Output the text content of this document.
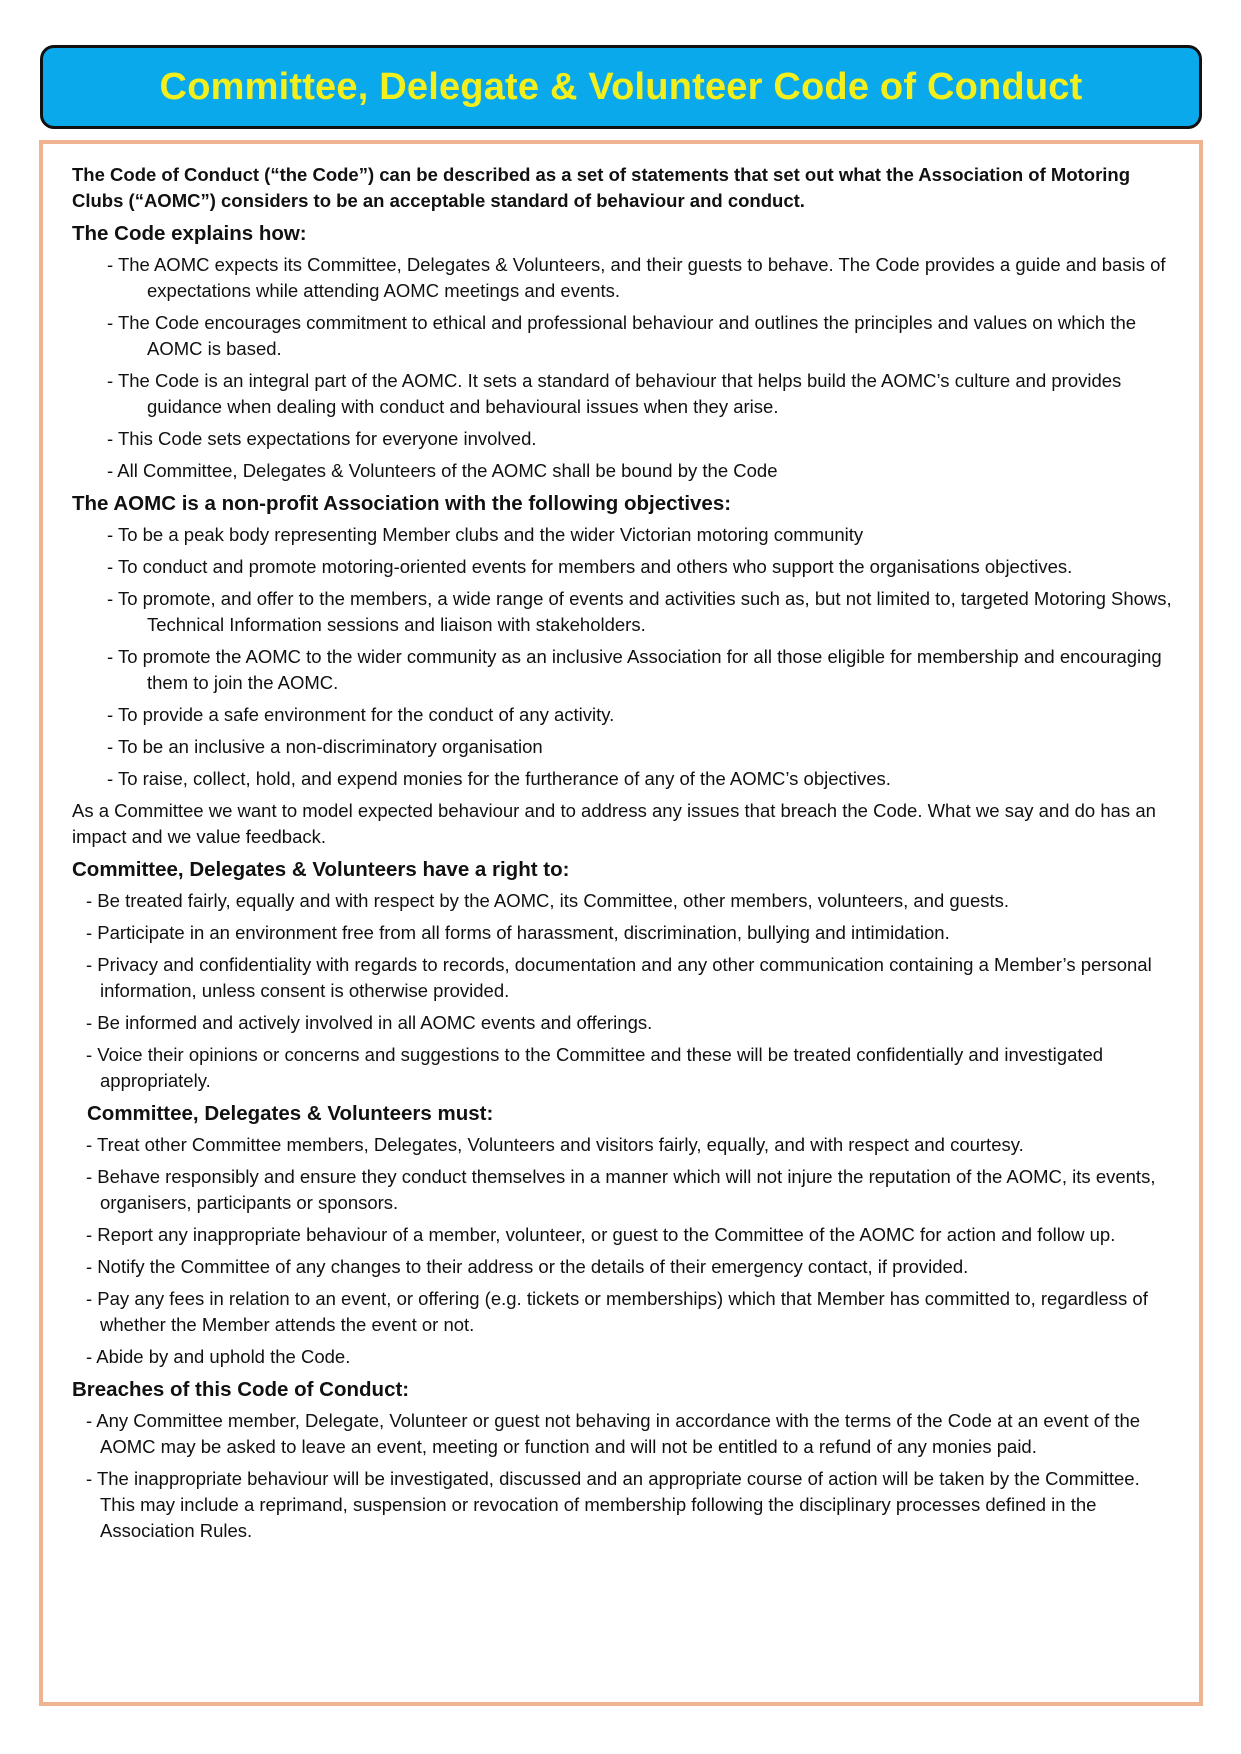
Committee, Delegate & Volunteer Code of Conduct

The Code of Conduct (“the Code”) can be described as a set of statements that set out what the Association of Motoring Clubs (“AOMC”) considers to be an acceptable standard of behaviour and conduct.

The Code explains how:
- The AOMC expects its Committee, Delegates & Volunteers, and their guests to behave. The Code provides a guide and basis of expectations while attending AOMC meetings and events.
- The Code encourages commitment to ethical and professional behaviour and outlines the principles and values on which the AOMC is based.
- The Code is an integral part of the AOMC. It sets a standard of behaviour that helps build the AOMC’s culture and provides guidance when dealing with conduct and behavioural issues when they arise.
- This Code sets expectations for everyone involved.
- All Committee, Delegates & Volunteers of the AOMC shall be bound by the Code
The AOMC is a non-profit Association with the following objectives:
- To be a peak body representing Member clubs and the wider Victorian motoring community
- To conduct and promote motoring-oriented events for members and others who support the organisations objectives.
- To promote, and offer to the members, a wide range of events and activities such as, but not limited to, targeted Motoring Shows, Technical Information sessions and liaison with stakeholders.
- To promote the AOMC to the wider community as an inclusive Association for all those eligible for membership and encouraging them to join the AOMC.
- To provide a safe environment for the conduct of any activity.
- To be an inclusive a non-discriminatory organisation
- To raise, collect, hold, and expend monies for the furtherance of any of the AOMC’s objectives.

As a Committee we want to model expected behaviour and to address any issues that breach the Code. What we say and do has an impact and we value feedback.

Committee, Delegates & Volunteers have a right to:
- Be treated fairly, equally and with respect by the AOMC, its Committee, other members, volunteers, and guests.
- Participate in an environment free from all forms of harassment, discrimination, bullying and intimidation.
- Privacy and confidentiality with regards to records, documentation and any other communication containing a Member’s personal information, unless consent is otherwise provided.
- Be informed and actively involved in all AOMC events and offerings.
- Voice their opinions or concerns and suggestions to the Committee and these will be treated confidentially and investigated appropriately.
Committee, Delegates & Volunteers must:
- Treat other Committee members, Delegates, Volunteers and visitors fairly, equally, and with respect and courtesy.
- Behave responsibly and ensure they conduct themselves in a manner which will not injure the reputation of the AOMC, its events, organisers, participants or sponsors.
- Report any inappropriate behaviour of a member, volunteer, or guest to the Committee of the AOMC for action and follow up.
- Notify the Committee of any changes to their address or the details of their emergency contact, if provided.
- Pay any fees in relation to an event, or offering (e.g. tickets or memberships) which that Member has committed to, regardless of whether the Member attends the event or not.
- Abide by and uphold the Code.
Breaches of this Code of Conduct:
- Any Committee member, Delegate, Volunteer or guest not behaving in accordance with the terms of the Code at an event of the AOMC may be asked to leave an event, meeting or function and will not be entitled to a refund of any monies paid.
- The inappropriate behaviour will be investigated, discussed and an appropriate course of action will be taken by the Committee. This may include a reprimand, suspension or revocation of membership following the disciplinary processes defined in the Association Rules.
